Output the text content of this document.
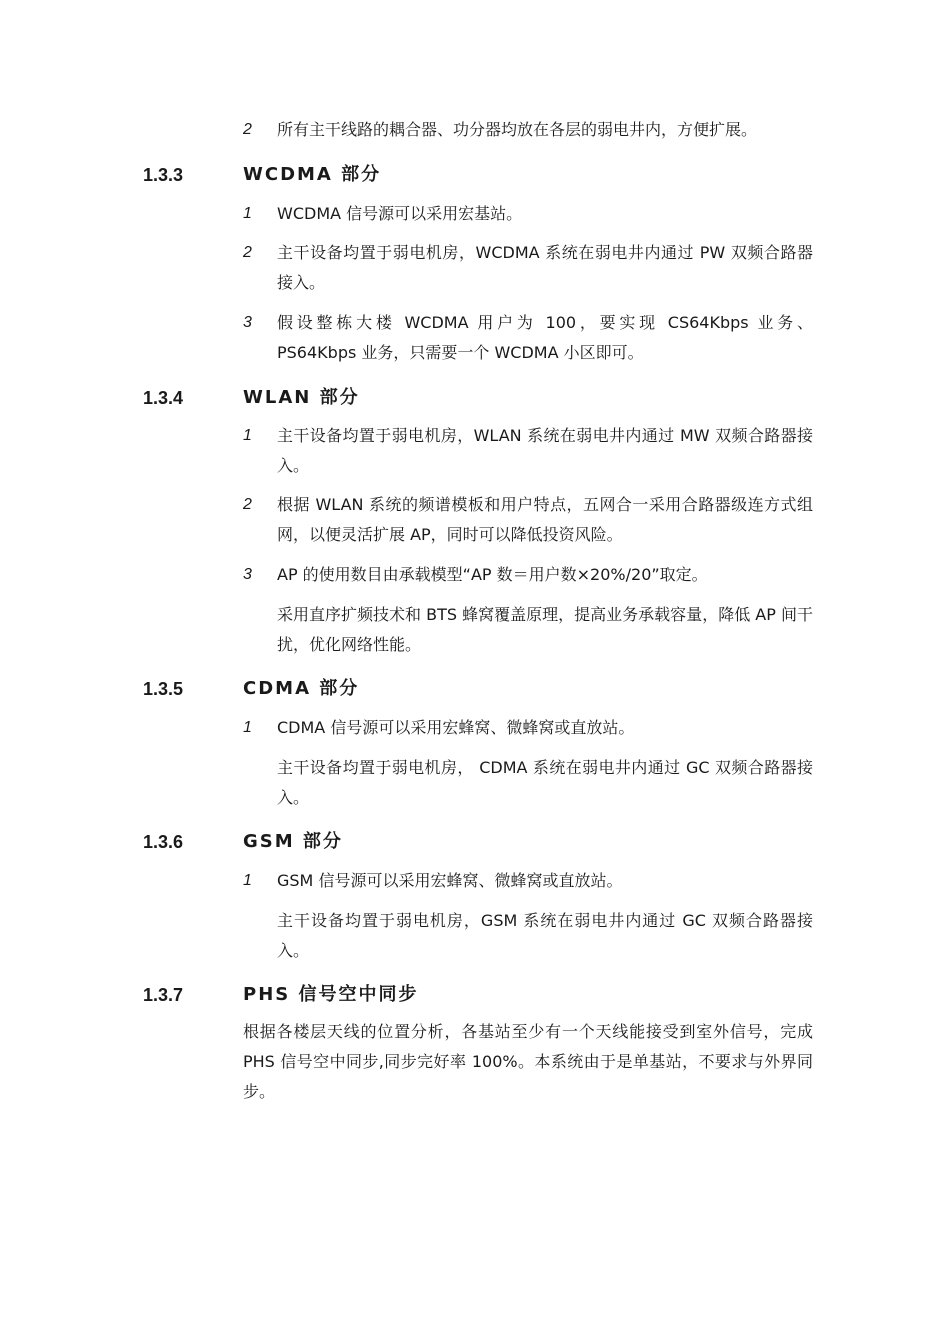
2 所有主干线路的耦合器、功分器均放在各层的弱电井内，方便扩展。
1.3.3	WCDMA 部分
1 WCDMA 信号源可以采用宏基站。
2 主干设备均置于弱电机房，WCDMA 系统在弱电井内通过 PW 双频合路器接入。
3 假设整栋大楼 WCDMA 用户为 100，要实现 CS64Kbps 业务、PS64Kbps 业务，只需要一个 WCDMA 小区即可。
1.3.4	WLAN 部分
1 主干设备均置于弱电机房，WLAN 系统在弱电井内通过 MW 双频合路器接入。
2 根据 WLAN 系统的频谱模板和用户特点，五网合一采用合路器级连方式组网，以便灵活扩展 AP，同时可以降低投资风险。
3 AP 的使用数目由承载模型“AP 数＝用户数×20%/20”取定。
采用直序扩频技术和 BTS 蜂窝覆盖原理，提高业务承载容量，降低 AP 间干扰，优化网络性能。
1.3.5	CDMA 部分
1 CDMA 信号源可以采用宏蜂窝、微蜂窝或直放站。
主干设备均置于弱电机房， CDMA 系统在弱电井内通过 GC 双频合路器接入。
1.3.6	GSM 部分
1 GSM 信号源可以采用宏蜂窝、微蜂窝或直放站。
主干设备均置于弱电机房，GSM 系统在弱电井内通过 GC 双频合路器接入。
1.3.7	PHS 信号空中同步
根据各楼层天线的位置分析，各基站至少有一个天线能接受到室外信号，完成 PHS 信号空中同步,同步完好率 100%。本系统由于是单基站，不要求与外界同步。
